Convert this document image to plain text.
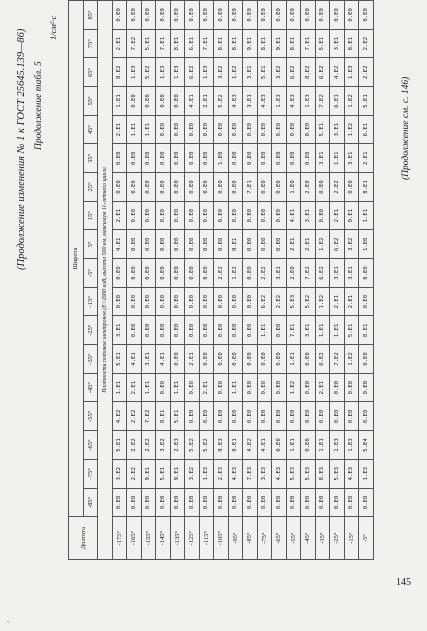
(Продолжение изменения № 1 к ГОСТ 25645.139—86) Продолжение табл. 5
1/см²·с
Долгота	Широта																	
	-85°	-75°	-65°	-55°	-45°	-35°	-25°	-15°	-5°	5°	15°	25°	35°	45°	55°	65°	75°	85°
Плотности потоков электронов (Е>2000 кэВ, высота 500 км, максимум 11-летнего цикла																		
-175°	0.Е0	3.Е2	5.Е1	4.Е2	1.Е1	5.Е1	3.Е1	0.Е0	0.Е0	4.Е1	2.Е1	0.Е0	0.Е0	2.Е1	1.Е1	8.Е2	2.Е1	0.Е0
-165°	0.Е0	2.Е2	2.Е2	2.Е2	2.Е1	4.Е1	0.Е0	0.Е0	0.Е0	0.Е0	0.Е0	0.Е0	0.Е0	1.Е1	0.Е0	1.Е3	7.Е2	0.Е0
-155°	0.Е0	9.Е1	2.Е2	7.Е2	1.Е1	3.Е1	0.Е0	0.Е0	0.Е0	0.Е0	0.Е0	0.Е0	0.Е0	1.Е1	0.Е0	5.Е2	5.Е1	0.Е0
-145°	0.Е0	5.Е1	3.Е2	8.Е1	0.Е0	4.Е1	0.Е0	0.Е0	0.Е0	0.Е0	0.Е0	0.Е0	0.Е0	0.Е0	0.Е0	1.Е3	7.Е1	0.Е0
-135°	0.Е0	9.Е1	2.Е3	5.Е1	1.Е1	0.Е0	0.Е0	0.Е0	0.Е0	0.Е0	0.Е0	0.Е0	0.Е0	0.Е0	0.Е0	1.Е3	8.Е1	0.Е0
-125°	0.Е0	3.Е2	5.Е2	0.Е0	0.Е0	2.Е1	0.Е0	0.Е0	0.Е0	0.Е0	0.Е0	0.Е0	0.Е0	0.Е0	4.Е1	6.Е2	6.Е1	0.Е0
-115°	0.Е0	1.Е3	5.Е2	0.Е0	2.Е1	0.Е0	0.Е0	0.Е0	0.Е0	0.Е0	0.Е0	0.Е0	0.Е0	0.Е0	2.Е1	1.Е3	7.Е1	0.Е0
-105°	0.Е0	2.Е3	9.Е3	0.Е0	0.Е0	0.Е0	0.Е0	0.Е0	2.Е2	0.Е0	0.Е0	0.Е0	1.Е0	0.Е0	5.Е2	3.Е2	8.Е1	0.Е0
-95°	0.Е0	4.Е3	8.Е1	0.Е0	1.Е1	0.Е0	0.Е0	0.Е0	1.Е2	9.Е1	0.Е0	0.Е0	0.Е0	0.Е0	4.Е3	1.Е2	8.Е1	0.Е0
-85°	0.Е0	7.Е3	4.Е2	0.Е0	0.Е0	0.Е0	0.Е0	0.Е0	0.Е0	0.Е0	0.Е0	7.Е1	0.Е0	0.Е0	3.Е1	3.Е1	9.Е1	0.Е0
-75°	0.Е0	3.Е3	4.Е1	0.Е0	0.Е0	0.Е0	1.Е1	6.Е2	2.Е2	0.Е0	0.Е0	0.Е0	0.Е0	0.Е0	4.Е3	5.Е1	8.Е1	0.Е0
-65°	0.Е0	4.Е3	0.Е0	0.Е0	0.Е0	0.Е0	0.Е0	2.Е2	3.Е1	0.Е0	0.Е0	0.Е0	0.Е0	0.Е0	1.Е3	3.Е2	9.Е1	0.Е0
-55°	0.Е0	5.Е3	1.Е1	0.Е0	1.Е2	1.Е1	7.Е1	5.Е3	2.Е0	2.Е1	4.Е1	1.Е0	0.Е0	0.Е0	4.Е3	6.Е2	8.Е1	0.Е0
-45°	0.Е0	5.Е3	0.Е0	0.Е0	0.Е0	0.Е0	3.Е1	5.Е2	7.Е2	2.Е1	3.Е1	2.Е0	0.Е0	0.Е0	1.Е3	8.Е2	7.Е1	0.Е0
-35°	0.Е0	8.Е3	1.Е1	0.Е0	2.Е1	6.Е2	1.Е1	1.Е2	6.Е2	1.Е2	0.Е0	0.Е0	3.Е1	5.Е1	7.Е2	6.Е2	5.Е1	0.Е0
-25°	0.Е0	5.Е3	1.Е3	0.Е0	0.Е0	7.Е2	1.Е1	2.Е1	3.Е1	6.Е2	2.Е1	2.Е2	1.Е1	3.Е1	6.Е1	4.Е2	3.Е1	0.Е0
-15°	0.Е0	4.Е3	1.Е3	0.Е0	0.Е0	1.Е2	5.Е1	2.Е1	3.Е1	3.Е2	9.Е1	0.Е0	3.Е1	1.Е2	1.Е2	1.Е3	8.Е1	0.Е0
-5°	0.Е0	1.Е3	5.Е4	0.Е0	0.Е0	0.Е0	8.Е1	0.Е0	0.Е0	1.Е0	1.Е1	8.Е1	2.Е1	6.Е1	5.Е1	2.Е2	2.Е2	0.Е0
(Продолжение см. с. 146)
145
¬
